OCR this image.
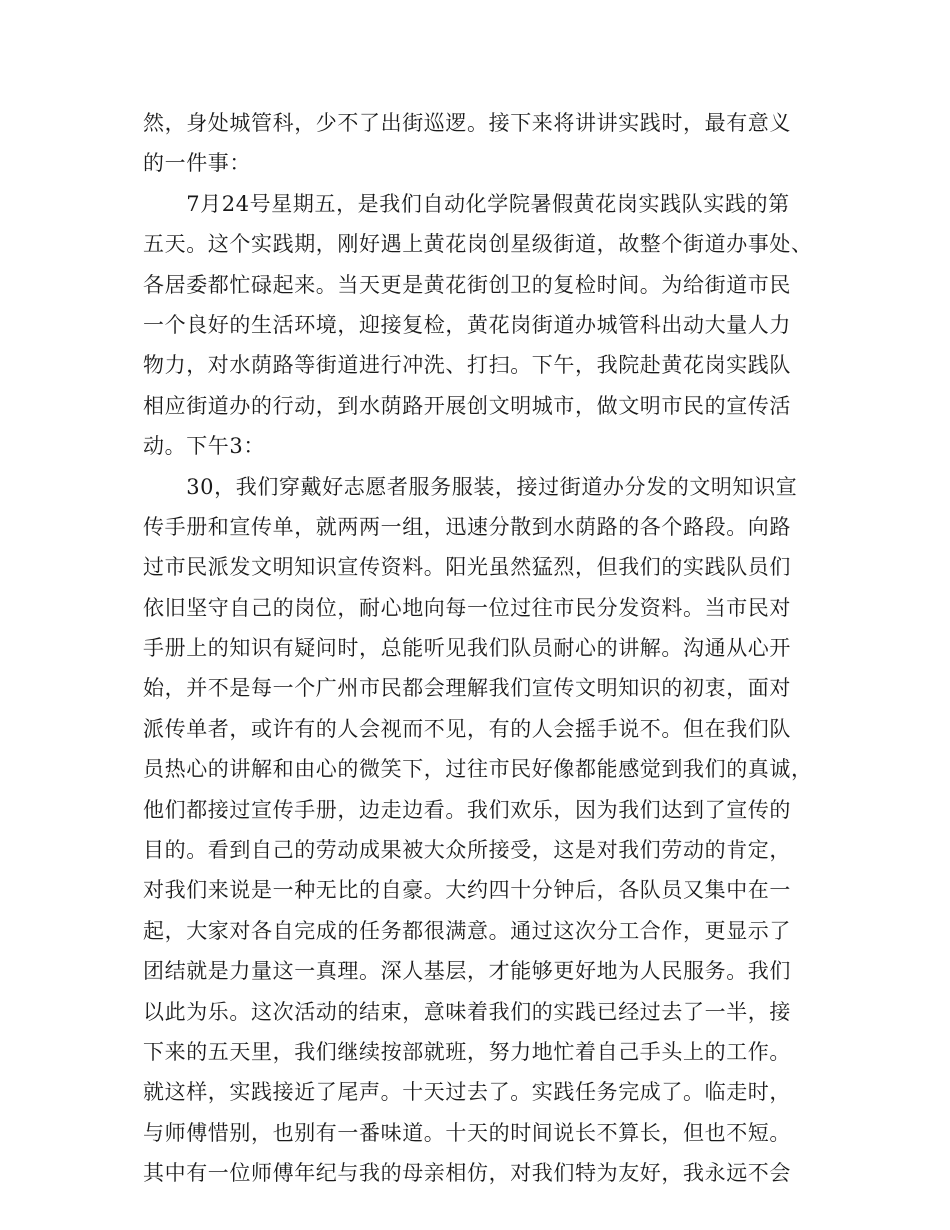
然，身处城管科，少不了出街巡逻。接下来将讲讲实践时，最有意义
的一件事：
　　7月24号星期五，是我们自动化学院暑假黄花岗实践队实践的第
五天。这个实践期，刚好遇上黄花岗创星级街道，故整个街道办事处、
各居委都忙碌起来。当天更是黄花街创卫的复检时间。为给街道市民
一个良好的生活环境，迎接复检，黄花岗街道办城管科出动大量人力
物力，对水荫路等街道进行冲洗、打扫。下午，我院赴黄花岗实践队
相应街道办的行动，到水荫路开展创文明城市，做文明市民的宣传活
动。下午3：
　　30，我们穿戴好志愿者服务服装，接过街道办分发的文明知识宣
传手册和宣传单，就两两一组，迅速分散到水荫路的各个路段。向路
过市民派发文明知识宣传资料。阳光虽然猛烈，但我们的实践队员们
依旧坚守自己的岗位，耐心地向每一位过往市民分发资料。当市民对
手册上的知识有疑问时，总能听见我们队员耐心的讲解。沟通从心开
始，并不是每一个广州市民都会理解我们宣传文明知识的初衷，面对
派传单者，或许有的人会视而不见，有的人会摇手说不。但在我们队
员热心的讲解和由心的微笑下，过往市民好像都能感觉到我们的真诚，
他们都接过宣传手册，边走边看。我们欢乐，因为我们达到了宣传的
目的。看到自己的劳动成果被大众所接受，这是对我们劳动的肯定，
对我们来说是一种无比的自豪。大约四十分钟后，各队员又集中在一
起，大家对各自完成的任务都很满意。通过这次分工合作，更显示了
团结就是力量这一真理。深人基层，才能够更好地为人民服务。我们
以此为乐。这次活动的结束，意味着我们的实践已经过去了一半，接
下来的五天里，我们继续按部就班，努力地忙着自己手头上的工作。
就这样，实践接近了尾声。十天过去了。实践任务完成了。临走时，
与师傅惜别，也别有一番味道。十天的时间说长不算长，但也不短。
其中有一位师傅年纪与我的母亲相仿，对我们特为友好，我永远不会
